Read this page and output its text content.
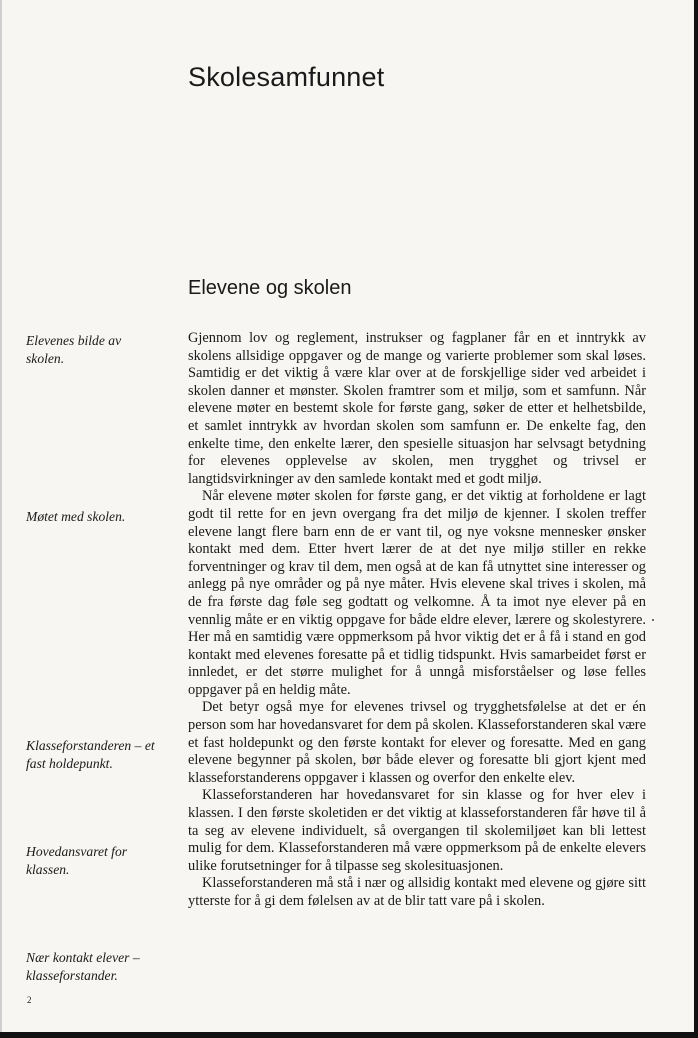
Skolesamfunnet
Elevene og skolen

Elevenes bilde av skolen.

Møtet med skolen.

Klasseforstanderen – et fast holdepunkt.

Hovedansvaret for klassen.

Nær kontakt elever – klasseforstander.

Gjennom lov og reglement, instrukser og fagplaner får en et inntrykk av skolens allsidige oppgaver og de mange og varierte problemer som skal løses. Samtidig er det viktig å være klar over at de forskjellige sider ved arbeidet i skolen danner et mønster. Skolen framtrer som et miljø, som et samfunn. Når elevene møter en bestemt skole for første gang, søker de etter et helhetsbilde, et samlet inntrykk av hvordan skolen som samfunn er. De enkelte fag, den enkelte time, den enkelte lærer, den spesielle situasjon har selvsagt betydning for elevenes opplevelse av skolen, men trygghet og trivsel er langtidsvirkninger av den samlede kontakt med et godt miljø.

Når elevene møter skolen for første gang, er det viktig at forholdene er lagt godt til rette for en jevn overgang fra det miljø de kjenner. I skolen treffer elevene langt flere barn enn de er vant til, og nye voksne mennesker ønsker kontakt med dem. Etter hvert lærer de at det nye miljø stiller en rekke forventninger og krav til dem, men også at de kan få utnyttet sine interesser og anlegg på nye områder og på nye måter. Hvis elevene skal trives i skolen, må de fra første dag føle seg godtatt og velkomne. Å ta imot nye elever på en vennlig måte er en viktig oppgave for både eldre elever, lærere og skolestyrere. Her må en samtidig være oppmerksom på hvor viktig det er å få i stand en god kontakt med elevenes foresatte på et tidlig tidspunkt. Hvis samarbeidet først er innledet, er det større mulighet for å unngå misforståelser og løse felles oppgaver på en heldig måte.

Det betyr også mye for elevenes trivsel og trygghetsfølelse at det er én person som har hovedansvaret for dem på skolen. Klasseforstanderen skal være et fast holdepunkt og den første kontakt for elever og foresatte. Med en gang elevene begynner på skolen, bør både elever og foresatte bli gjort kjent med klasseforstanderens oppgaver i klassen og overfor den enkelte elev.

Klasseforstanderen har hovedansvaret for sin klasse og for hver elev i klassen. I den første skoletiden er det viktig at klasseforstanderen får høve til å ta seg av elevene individuelt, så overgangen til skolemiljøet kan bli lettest mulig for dem. Klasseforstanderen må være oppmerksom på de enkelte elevers ulike forutsetninger for å tilpasse seg skolesituasjonen.

Klasseforstanderen må stå i nær og allsidig kontakt med elevene og gjøre sitt ytterste for å gi dem følelsen av at de blir tatt vare på i skolen.

2
